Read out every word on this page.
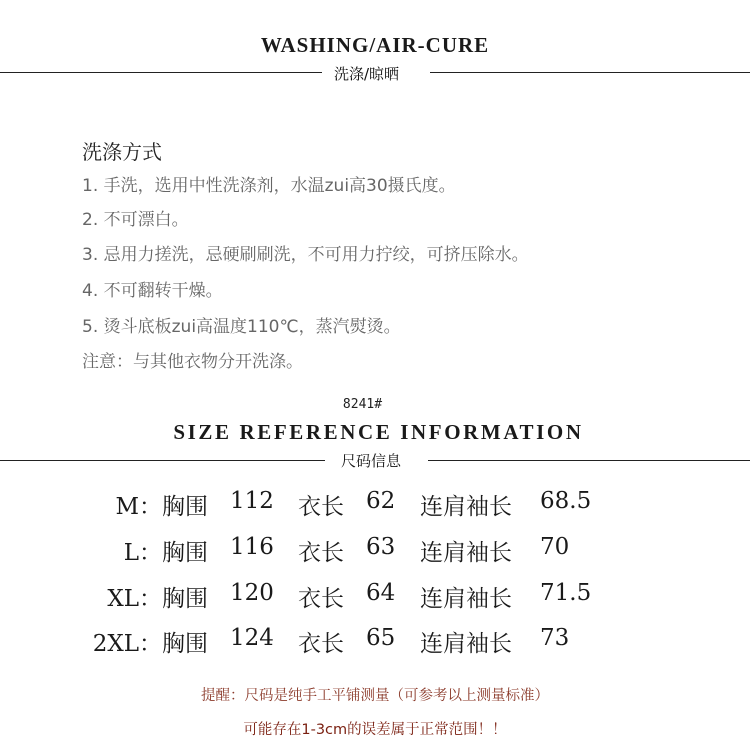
WASHING/AIR-CURE
洗涤/晾晒
洗涤方式
1. 手洗，选用中性洗涤剂，水温zui高30摄氏度。
2. 不可漂白。
3. 忌用力搓洗，忌硬刷刷洗，不可用力拧绞，可挤压除水。
4. 不可翻转干燥。
5. 烫斗底板zui高温度110℃，蒸汽熨烫。
注意：与其他衣物分开洗涤。
8241#
SIZE REFERENCE INFORMATION
尺码信息
M： 胸围 112 衣长 62 连肩袖长 68.5
L： 胸围 116 衣长 63 连肩袖长 70
XL： 胸围 120 衣长 64 连肩袖长 71.5
2XL： 胸围 124 衣长 65 连肩袖长 73
提醒：尺码是纯手工平铺测量（可参考以上测量标准）
可能存在1-3cm的误差属于正常范围！！
